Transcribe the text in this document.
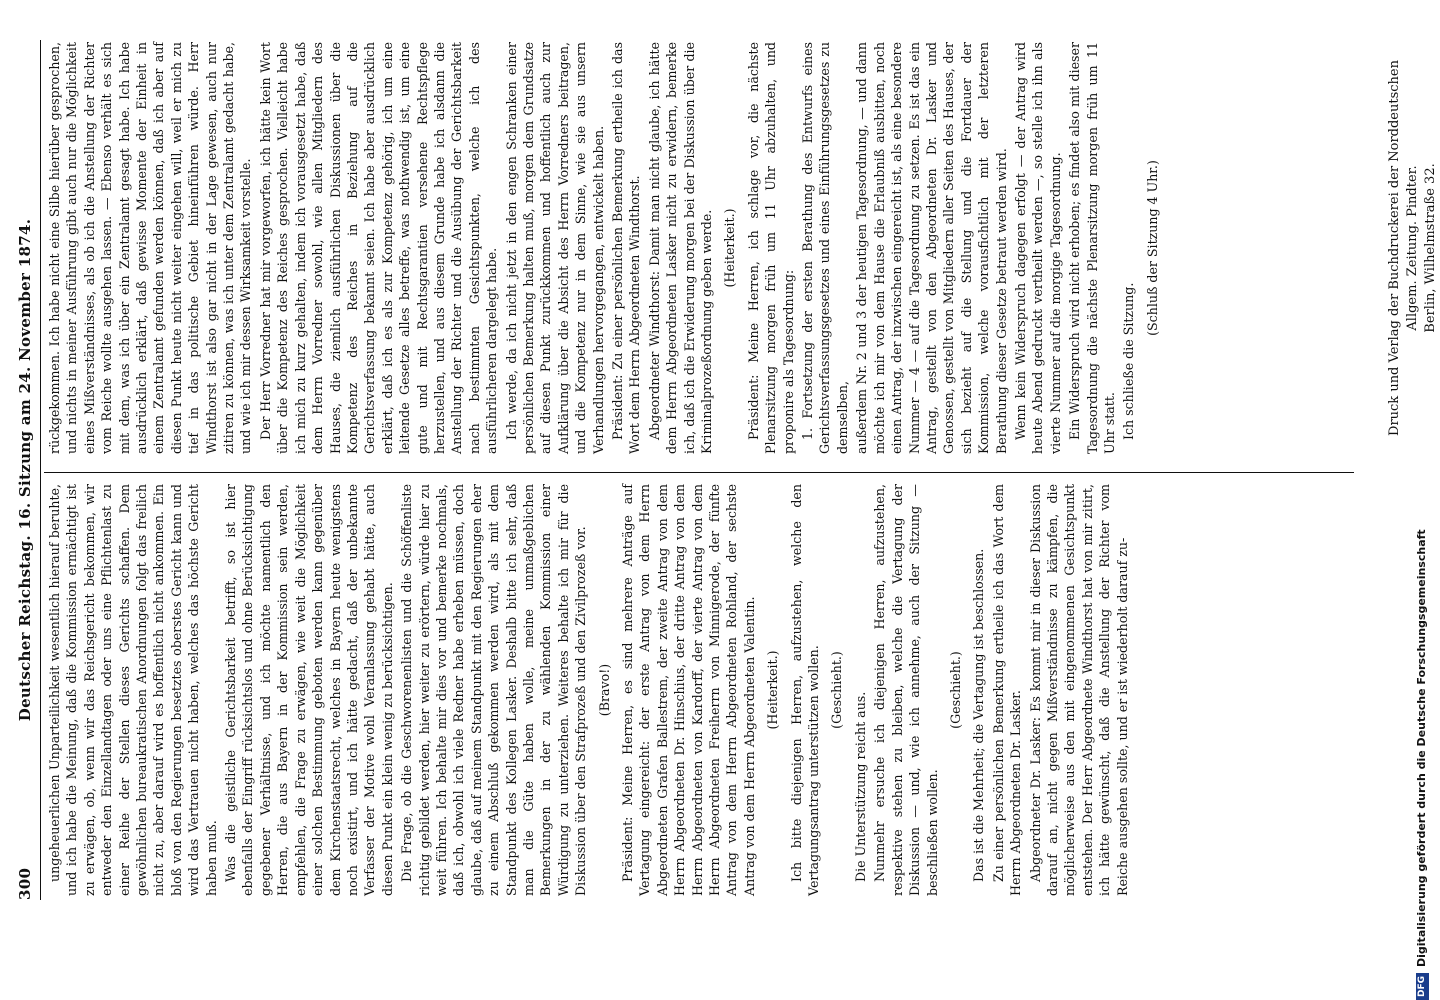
300
Deutscher Reichstag. 16. Sitzung am 24. November 1874. ungeheuerlichen Unparteilichkeit wesentlich hierauf beruhte, und ich habe die Meinung, daß die Kommission ermächtigt ist zu erwägen, ob, wenn wir das Reichsgericht bekommen, wir entweder den Einzellandtagen oder uns eine Pflichtenlast zu einer Reihe der Stellen dieses Gerichts schaffen. Dem gewöhnlichen bureaukratischen Anordnungen folgt das freilich nicht zu, aber darauf wird es hoffentlich nicht ankommen. Ein bloß von den Regierungen besetztes oberstes Gericht kann und wird das Vertrauen nicht haben, welches das höchste Gericht haben muß. Was die geistliche Gerichtsbarkeit betrifft, so ist hier ebenfalls der Eingriff rücksichtslos und ohne Berücksichtigung gegebener Verhältnisse, und ich möchte namentlich den Herren, die aus Bayern in der Kommission sein werden, empfehlen, die Frage zu erwägen, wie weit die Möglichkeit einer solchen Bestimmung geboten werden kann gegenüber dem Kirchenstaatsrecht, welches in Bayern heute wenigstens noch existirt, und ich hätte gedacht, daß der unbekannte Verfasser der Motive wohl Veranlassung gehabt hätte, auch diesen Punkt ein klein wenig zu berücksichtigen. Die Frage, ob die Geschworenenlisten und die Schöffenliste richtig gebildet werden, hier weiter zu erörtern, würde hier zu weit führen. Ich behalte mir dies vor und bemerke nochmals, daß ich, obwohl ich viele Redner habe erheben müssen, doch glaube, daß auf meinem Standpunkt mit den Regierungen eher zu einem Abschluß gekommen werden wird, als mit dem Standpunkt des Kollegen Lasker. Deshalb bitte ich sehr, daß man die Güte haben wolle, meine unmaßgeblichen Bemerkungen in der zu wählenden Kommission einer Würdigung zu unterziehen. Weiteres behalte ich mir für die Diskussion über den Strafprozeß und den Zivilprozeß vor. (Bravo!) Präsident: Meine Herren, es sind mehrere Anträge auf Vertagung eingereicht: der erste Antrag von dem Herrn Abgeordneten Grafen Ballestrem, der zweite Antrag von dem Herrn Abgeordneten Dr. Hinschius, der dritte Antrag von dem Herrn Abgeordneten von Kardorff, der vierte Antrag von dem Herrn Abgeordneten Freiherrn von Minnigerode, der fünfte Antrag von dem Herrn Abgeordneten Rohland, der sechste Antrag von dem Herrn Abgeordneten Valentin. (Heiterkeit.) Ich bitte diejenigen Herren, aufzustehen, welche den Vertagungsantrag unterstützen wollen. (Geschieht.)

Die Unterstützung reicht aus. Nunmehr ersuche ich diejenigen Herren, aufzustehen, respektive stehen zu bleiben, welche die Vertagung der Diskussion — und, wie ich annehme, auch der Sitzung — beschließen wollen.

(Geschieht.) Das ist die Mehrheit; die Vertagung ist beschlossen. Zu einer persönlichen Bemerkung ertheile ich das Wort dem Herrn Abgeordneten Dr. Lasker. Abgeordneter Dr. Lasker: Es kommt mir in dieser Diskussion darauf an, nicht gegen Mißverständnisse zu kämpfen, die möglicherweise aus den mit eingenommenen Gesichtspunkt entstehen. Der Herr Abgeordnete Windthorst hat von mir zitirt, ich hätte gewünscht, daß die Anstellung der Richter vom Reiche ausgehen sollte, und er ist wiederholt darauf zu-

rückgekommen. Ich habe nicht eine Silbe hierüber gesprochen, und nichts in meiner Ausführung gibt auch nur die Möglichkeit eines Mißverständnisses, als ob ich die Anstellung der Richter vom Reiche wollte ausgehen lassen. — Ebenso verhält es sich mit dem, was ich über ein Zentralamt gesagt habe. Ich habe ausdrücklich erklärt, daß gewisse Momente der Einheit in einem Zentralamt gefunden werden können, daß ich aber auf diesen Punkt heute nicht weiter eingehen will, weil er mich zu tief in das politische Gebiet hineinführen würde. Herr Windthorst ist also gar nicht in der Lage gewesen, auch nur zitiren zu können, was ich unter dem Zentralamt gedacht habe, und wie ich mir dessen Wirksamkeit vorstelle. Der Herr Vorredner hat mir vorgeworfen, ich hätte kein Wort über die Kompetenz des Reiches gesprochen. Vielleicht habe ich mich zu kurz gehalten, indem ich vorausgesetzt habe, daß dem Herrn Vorredner sowohl, wie allen Mitgliedern des Hauses, die ziemlich ausführlichen Diskussionen über die Kompetenz des Reiches in Beziehung auf die Gerichtsverfassung bekannt seien. Ich habe aber ausdrücklich erklärt, daß ich es als zur Kompetenz gehörig, ich um eine leitende Gesetze alles betreffe, was nothwendig ist, um eine gute und mit Rechtsgarantien versehene Rechtspflege herzustellen, und aus diesem Grunde habe ich alsdann die Anstellung der Richter und die Ausübung der Gerichtsbarkeit nach bestimmten Gesichtspunkten, welche ich des ausführlicheren dargelegt habe. Ich werde, da ich nicht jetzt in den engen Schranken einer persönlichen Bemerkung halten muß, morgen dem Grundsatze auf diesen Punkt zurückkommen und hoffentlich auch zur Aufklärung über die Absicht des Herrn Vorredners beitragen, und die Kompetenz nur in dem Sinne, wie sie aus unsern Verhandlungen hervorgegangen, entwickelt haben. Präsident: Zu einer persönlichen Bemerkung ertheile ich das Wort dem Herrn Abgeordneten Windthorst. Abgeordneter Windthorst: Damit man nicht glaube, ich hätte dem Herrn Abgeordneten Lasker nicht zu erwidern, bemerke ich, daß ich die Erwiderung morgen bei der Diskussion über die Kriminalprozeßordnung geben werde. (Heiterkeit.) Präsident: Meine Herren, ich schlage vor, die nächste Plenarsitzung morgen früh um 11 Uhr abzuhalten, und proponire als Tagesordnung: 1. Fortsetzung der ersten Berathung des Entwurfs eines Gerichtsverfassungsgesetzes und eines Einführungsgesetzes zu demselben, außerdem Nr. 2 und 3 der heutigen Tagesordnung, — und dann möchte ich mir von dem Hause die Erlaubniß ausbitten, noch einen Antrag, der inzwischen eingereicht ist, als eine besondere Nummer — 4 — auf die Tagesordnung zu setzen. Es ist das ein Antrag, gestellt von den Abgeordneten Dr. Lasker und Genossen, gestellt von Mitgliedern aller Seiten des Hauses, der sich bezieht auf die Stellung und die Fortdauer der Kommission, welche vorausfichtlich mit der letzteren Berathung dieser Gesetze betraut werden wird. Wenn kein Widerspruch dagegen erfolgt — der Antrag wird heute Abend gedruckt vertheilt werden —, so stelle ich ihn als vierte Nummer auf die morgige Tagesordnung. Ein Widerspruch wird nicht erhoben; es findet also mit dieser Tagesordnung die nächste Plenarsitzung morgen früh um 11 Uhr statt. Ich schließe die Sitzung.

(Schluß der Sitzung 4 Uhr.)	Druck und Verlag der Buchdruckerei der Norddeutschen Allgem. Zeitung. Pindter. Berlin, Wilhelmstraße 32.
DFGDigitalisierung gefördert durch die Deutsche Forschungsgemeinschaft
